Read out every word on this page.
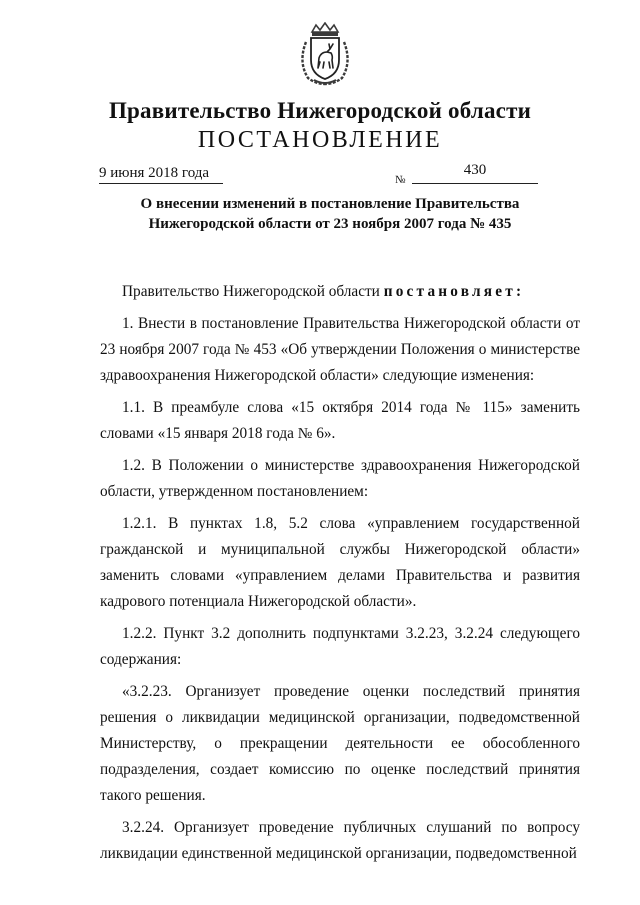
Правительство Нижегородской области
ПОСТАНОВЛЕНИЕ
9 июня 2018 года	№
430
О внесении изменений в постановление Правительства
Нижегородской области от 23 ноября 2007 года № 435

Правительство Нижегородской области постановляет:

1. Внести в постановление Правительства Нижегородской области от 23 ноября 2007 года № 453 «Об утверждении Положения о министерстве здравоохранения Нижегородской области» следующие изменения:

1.1. В преамбуле слова «15 октября 2014 года № 115» заменить словами «15 января 2018 года № 6».

1.2. В Положении о министерстве здравоохранения Нижегородской области, утвержденном постановлением:

1.2.1. В пунктах 1.8, 5.2 слова «управлением государственной гражданской и муниципальной службы Нижегородской области» заменить словами «управлением делами Правительства и развития кадрового потенциала Нижегородской области».

1.2.2. Пункт 3.2 дополнить подпунктами 3.2.23, 3.2.24 следующего содержания:

«3.2.23. Организует проведение оценки последствий принятия решения о ликвидации медицинской организации, подведомственной Министерству, о прекращении деятельности ее обособленного подразделения, создает комиссию по оценке последствий принятия такого решения.

3.2.24. Организует проведение публичных слушаний по вопросу ликвидации единственной медицинской организации, подведомственной
